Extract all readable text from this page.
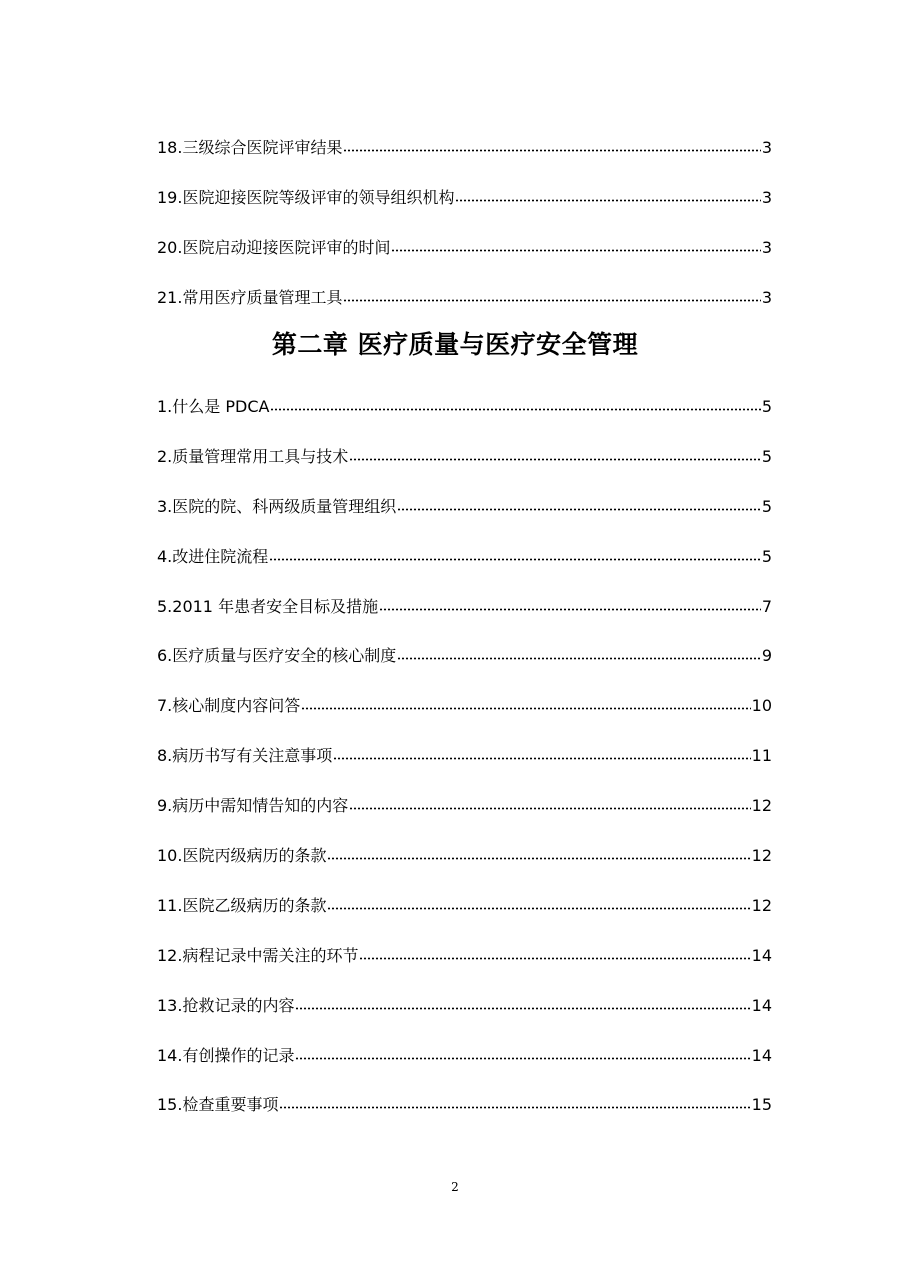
18.三级综合医院评审结果	3
19.医院迎接医院等级评审的领导组织机构	3
20.医院启动迎接医院评审的时间	3
21.常用医疗质量管理工具	3
第二章 医疗质量与医疗安全管理
1.什么是 PDCA	5
2.质量管理常用工具与技术	5
3.医院的院、科两级质量管理组织	5
4.改进住院流程	5
5.2011 年患者安全目标及措施	7
6.医疗质量与医疗安全的核心制度	9
7.核心制度内容问答	10
8.病历书写有关注意事项	11
9.病历中需知情告知的内容	12
10.医院丙级病历的条款	12
11.医院乙级病历的条款	12
12.病程记录中需关注的环节	14
13.抢救记录的内容	14
14.有创操作的记录	14
15.检查重要事项	15
2
